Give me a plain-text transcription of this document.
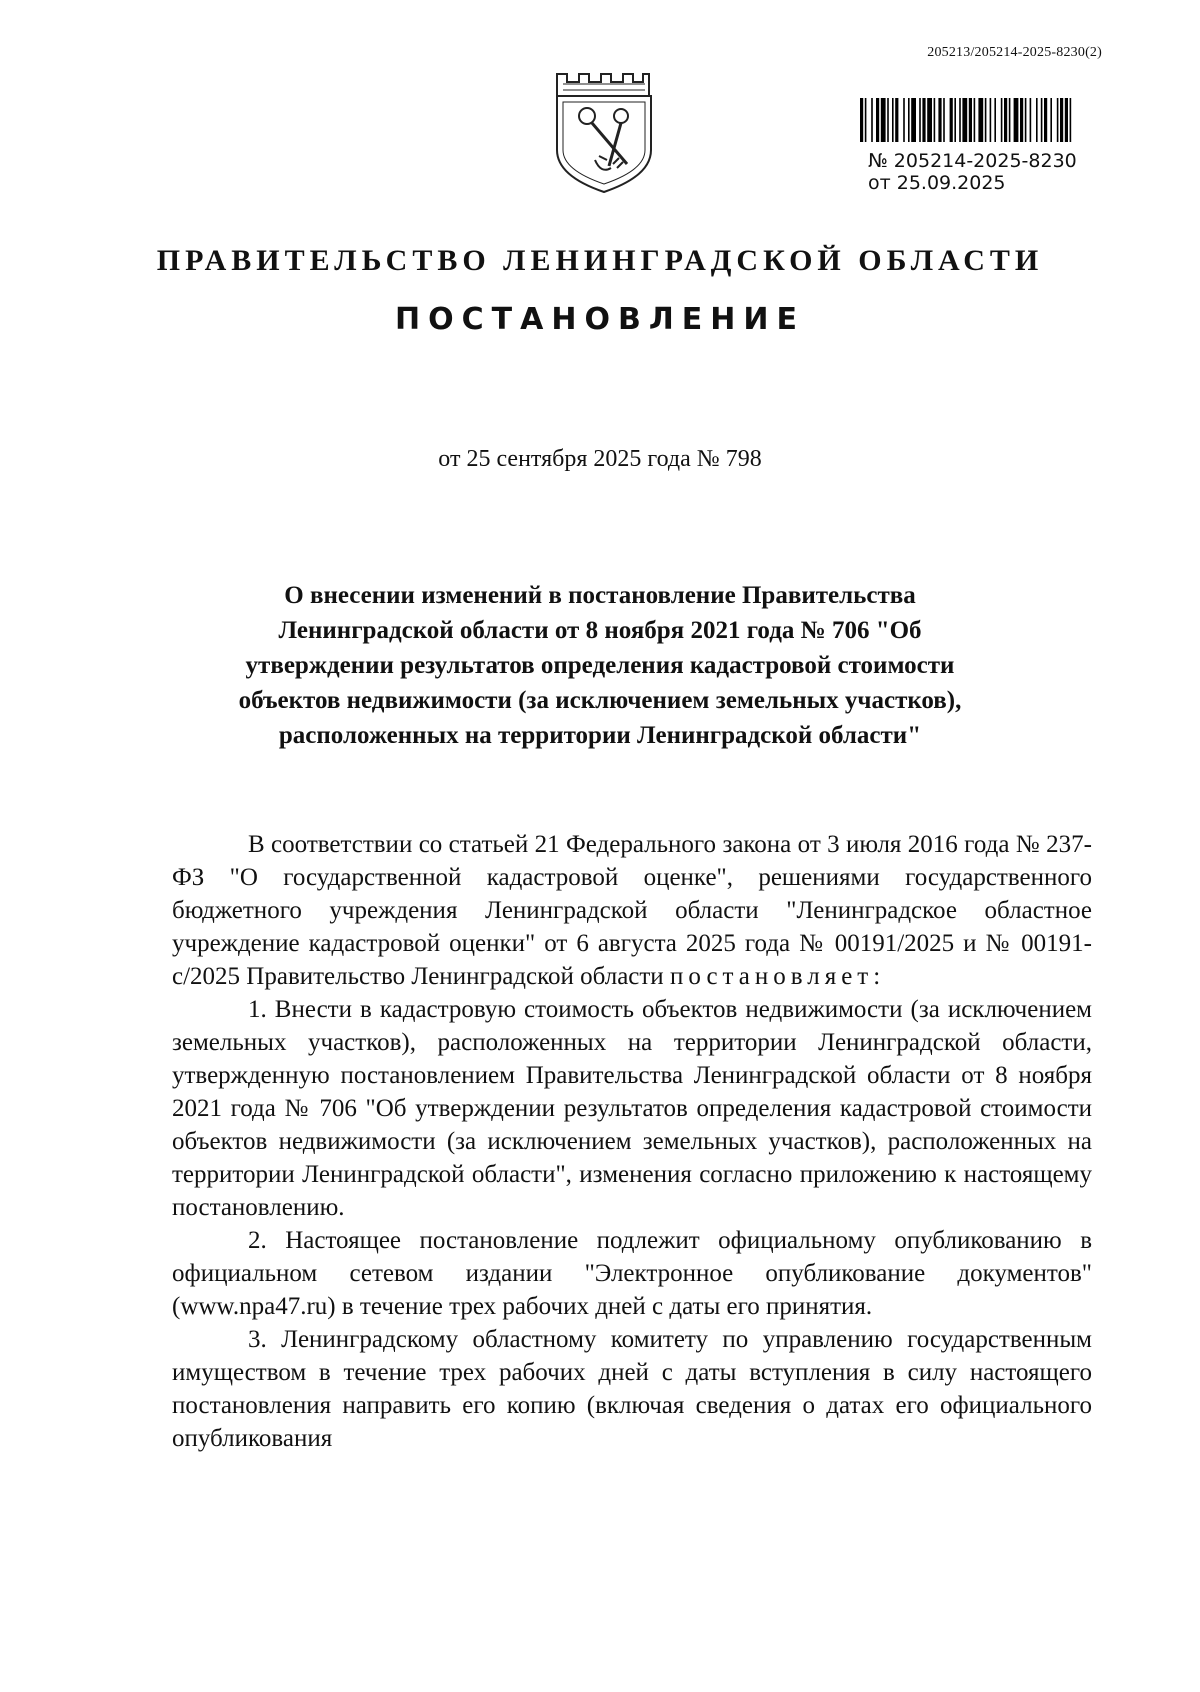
205213/205214-2025-8230(2)
№ 205214-2025-8230
от 25.09.2025
ПРАВИТЕЛЬСТВО ЛЕНИНГРАДСКОЙ ОБЛАСТИ
ПОСТАНОВЛЕНИЕ
от 25 сентября 2025 года № 798
О внесении изменений в постановление Правительства Ленинградской области от 8 ноября 2021 года № 706 "Об утверждении результатов определения кадастровой стоимости объектов недвижимости (за исключением земельных участков), расположенных на территории Ленинградской области"

В соответствии со статьей 21 Федерального закона от 3 июля 2016 года № 237-ФЗ "О государственной кадастровой оценке", решениями государственного бюджетного учреждения Ленинградской области "Ленинградское областное учреждение кадастровой оценки" от 6 августа 2025 года № 00191/2025 и № 00191-с/2025 Правительство Ленинградской области постановляет:

1. Внести в кадастровую стоимость объектов недвижимости (за исключением земельных участков), расположенных на территории Ленинградской области, утвержденную постановлением Правительства Ленинградской области от 8 ноября 2021 года № 706 "Об утверждении результатов определения кадастровой стоимости объектов недвижимости (за исключением земельных участков), расположенных на территории Ленинградской области", изменения согласно приложению к настоящему постановлению.

2. Настоящее постановление подлежит официальному опубликованию в официальном сетевом издании "Электронное опубликование документов" (www.npa47.ru) в течение трех рабочих дней с даты его принятия.

3. Ленинградскому областному комитету по управлению государственным имуществом в течение трех рабочих дней с даты вступления в силу настоящего постановления направить его копию (включая сведения о датах его официального опубликования
